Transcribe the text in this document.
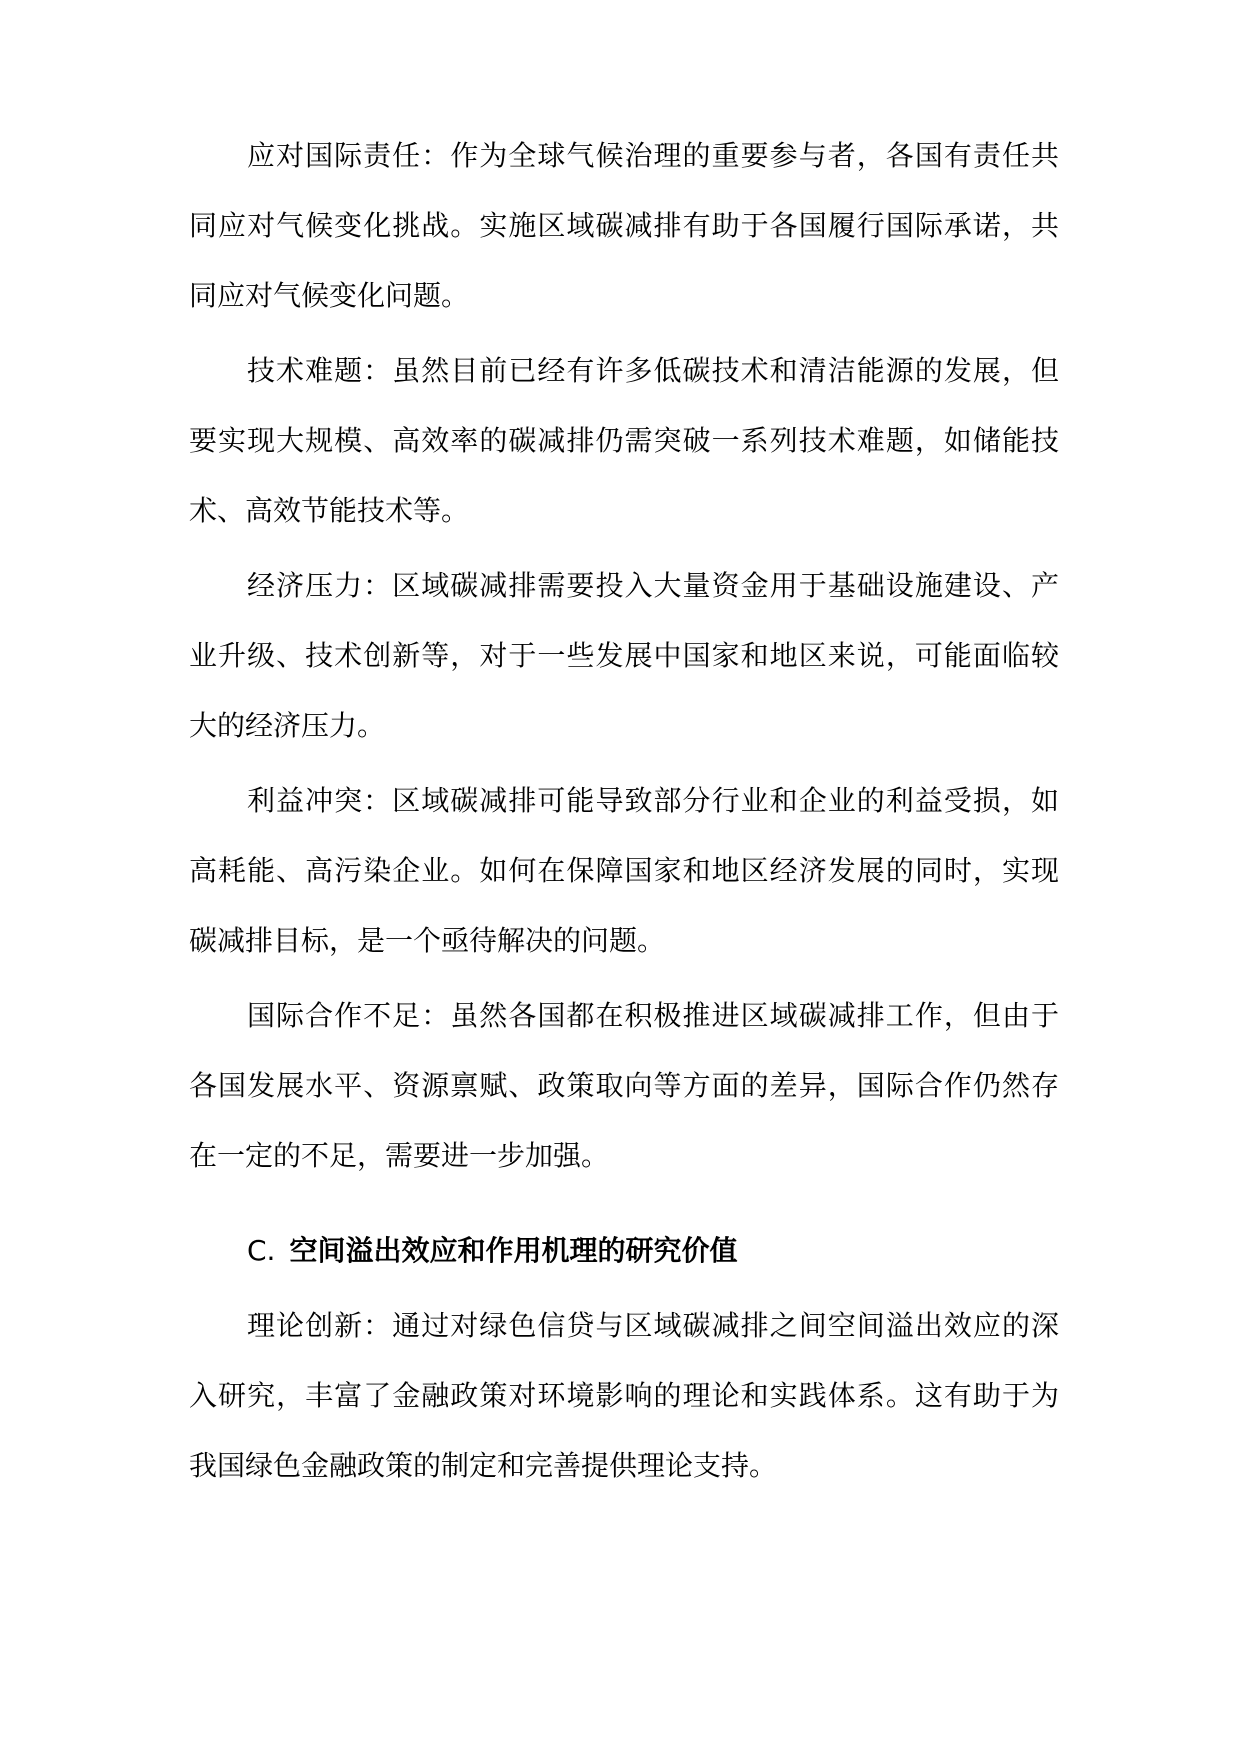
应对国际责任：作为全球气候治理的重要参与者，各国有责任共
同应对气候变化挑战。实施区域碳减排有助于各国履行国际承诺，共
同应对气候变化问题。
技术难题：虽然目前已经有许多低碳技术和清洁能源的发展，但
要实现大规模、高效率的碳减排仍需突破一系列技术难题，如储能技
术、高效节能技术等。
经济压力：区域碳减排需要投入大量资金用于基础设施建设、产
业升级、技术创新等，对于一些发展中国家和地区来说，可能面临较
大的经济压力。
利益冲突：区域碳减排可能导致部分行业和企业的利益受损，如
高耗能、高污染企业。如何在保障国家和地区经济发展的同时，实现
碳减排目标，是一个亟待解决的问题。
国际合作不足：虽然各国都在积极推进区域碳减排工作，但由于
各国发展水平、资源禀赋、政策取向等方面的差异，国际合作仍然存
在一定的不足，需要进一步加强。
C. 空间溢出效应和作用机理的研究价值
理论创新：通过对绿色信贷与区域碳减排之间空间溢出效应的深
入研究，丰富了金融政策对环境影响的理论和实践体系。这有助于为
我国绿色金融政策的制定和完善提供理论支持。
